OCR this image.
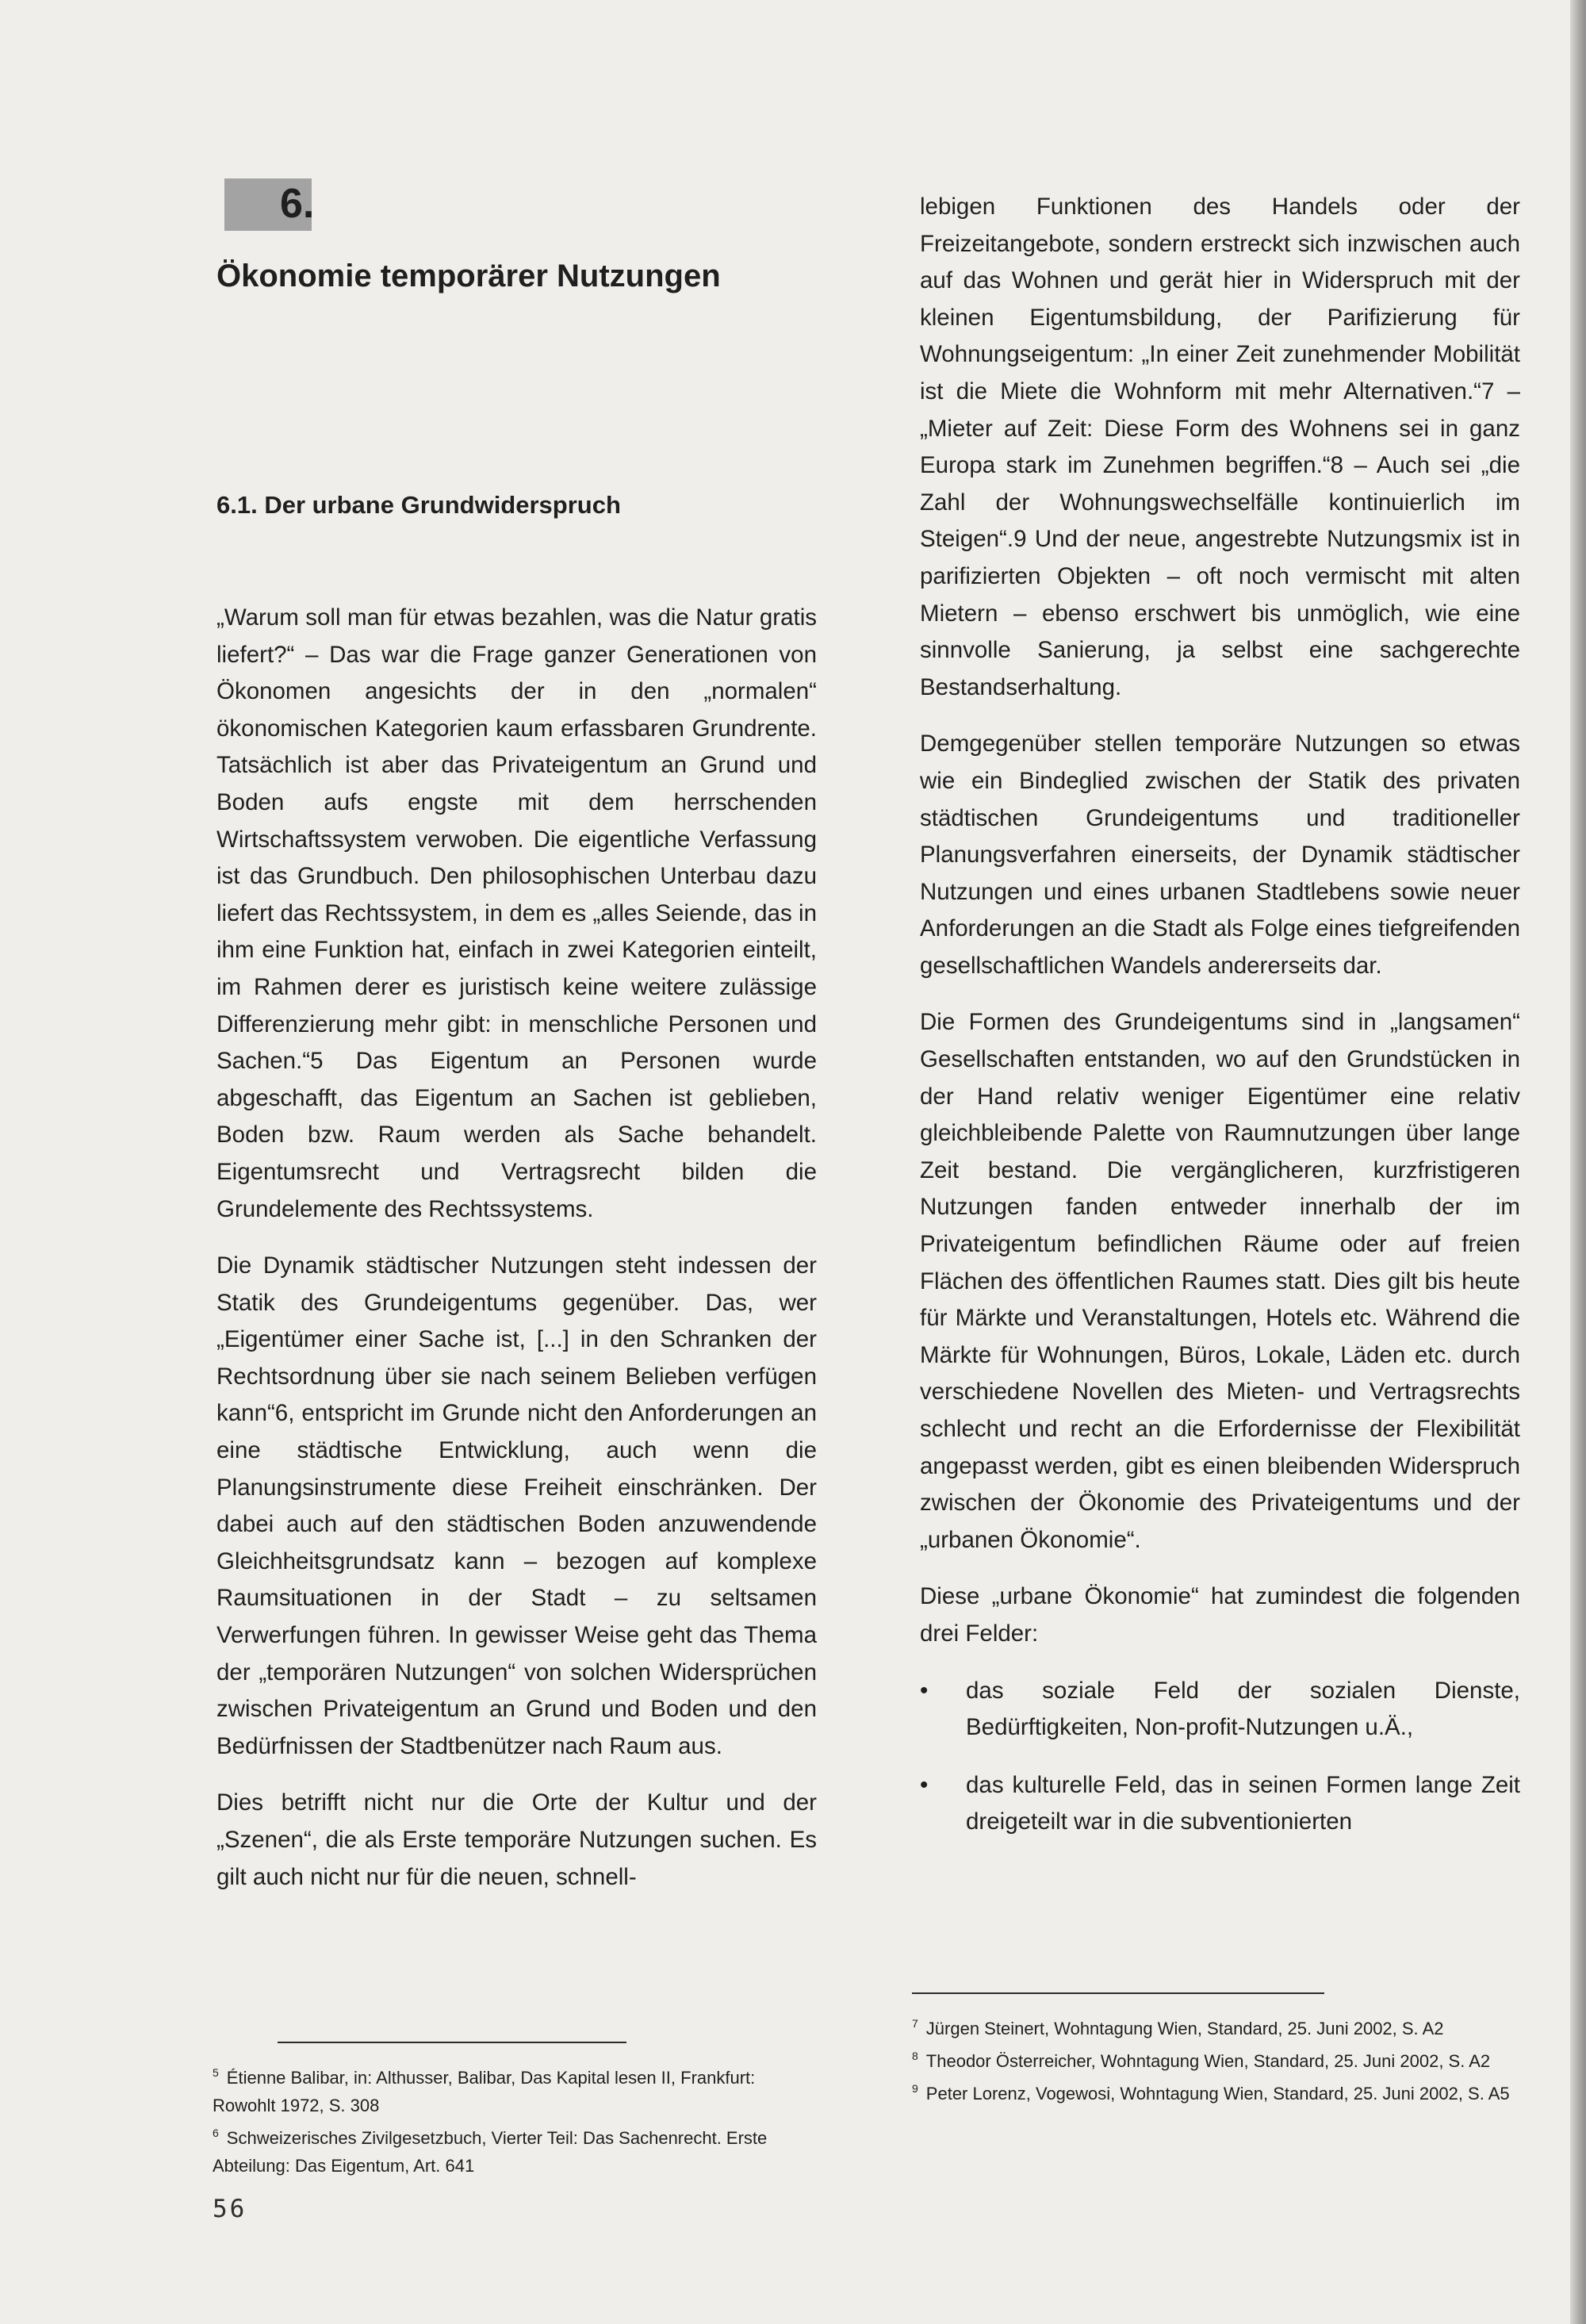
6.
Ökonomie temporärer Nutzungen
6.1. Der urbane Grundwiderspruch

„Warum soll man für etwas bezahlen, was die Natur gratis liefert?“ – Das war die Frage ganzer Generationen von Ökonomen angesichts der in den „normalen“ ökonomischen Kategorien kaum erfassbaren Grundrente. Tatsächlich ist aber das Privateigentum an Grund und Boden aufs engste mit dem herrschenden Wirtschaftssystem verwoben. Die eigentliche Verfassung ist das Grundbuch. Den philosophischen Unterbau dazu liefert das Rechtssystem, in dem es „alles Seiende, das in ihm eine Funktion hat, einfach in zwei Kategorien einteilt, im Rahmen derer es juristisch keine weitere zulässige Differenzierung mehr gibt: in menschliche Personen und Sachen.“5 Das Eigentum an Personen wurde abgeschafft, das Eigentum an Sachen ist geblieben, Boden bzw. Raum werden als Sache behandelt. Eigentumsrecht und Vertragsrecht bilden die Grundelemente des Rechtssystems.

Die Dynamik städtischer Nutzungen steht indessen der Statik des Grundeigentums gegenüber. Das, wer „Eigentümer einer Sache ist, [...] in den Schranken der Rechtsordnung über sie nach seinem Belieben verfügen kann“6, entspricht im Grunde nicht den Anforderungen an eine städtische Entwicklung, auch wenn die Planungsinstrumente diese Freiheit einschränken. Der dabei auch auf den städtischen Boden anzuwendende Gleichheitsgrundsatz kann – bezogen auf komplexe Raumsituationen in der Stadt – zu seltsamen Verwerfungen führen. In gewisser Weise geht das Thema der „temporären Nutzungen“ von solchen Widersprüchen zwischen Privateigentum an Grund und Boden und den Bedürfnissen der Stadtbenützer nach Raum aus.

Dies betrifft nicht nur die Orte der Kultur und der „Szenen“, die als Erste temporäre Nutzungen suchen. Es gilt auch nicht nur für die neuen, schnell-

lebigen Funktionen des Handels oder der Freizeitangebote, sondern erstreckt sich inzwischen auch auf das Wohnen und gerät hier in Widerspruch mit der kleinen Eigentumsbildung, der Parifizierung für Wohnungseigentum: „In einer Zeit zunehmender Mobilität ist die Miete die Wohnform mit mehr Alternativen.“7 – „Mieter auf Zeit: Diese Form des Wohnens sei in ganz Europa stark im Zunehmen begriffen.“8 – Auch sei „die Zahl der Wohnungswechselfälle kontinuierlich im Steigen“.9 Und der neue, angestrebte Nutzungsmix ist in parifizierten Objekten – oft noch vermischt mit alten Mietern – ebenso erschwert bis unmöglich, wie eine sinnvolle Sanierung, ja selbst eine sachgerechte Bestandserhaltung.

Demgegenüber stellen temporäre Nutzungen so etwas wie ein Bindeglied zwischen der Statik des privaten städtischen Grundeigentums und traditioneller Planungsverfahren einerseits, der Dynamik städtischer Nutzungen und eines urbanen Stadtlebens sowie neuer Anforderungen an die Stadt als Folge eines tiefgreifenden gesellschaftlichen Wandels andererseits dar.

Die Formen des Grundeigentums sind in „langsamen“ Gesellschaften entstanden, wo auf den Grundstücken in der Hand relativ weniger Eigentümer eine relativ gleichbleibende Palette von Raumnutzungen über lange Zeit bestand. Die vergänglicheren, kurzfristigeren Nutzungen fanden entweder innerhalb der im Privateigentum befindlichen Räume oder auf freien Flächen des öffentlichen Raumes statt. Dies gilt bis heute für Märkte und Veranstaltungen, Hotels etc. Während die Märkte für Wohnungen, Büros, Lokale, Läden etc. durch verschiedene Novellen des Mieten- und Vertragsrechts schlecht und recht an die Erfordernisse der Flexibilität angepasst werden, gibt es einen bleibenden Widerspruch zwischen der Ökonomie des Privateigentums und der „urbanen Ökonomie“.

Diese „urbane Ökonomie“ hat zumindest die folgenden drei Felder:

• das soziale Feld der sozialen Dienste, Bedürftigkeiten, Non-profit-Nutzungen u.Ä.,
• das kulturelle Feld, das in seinen Formen lange Zeit dreigeteilt war in die subventionierten

$^5$ Étienne Balibar, in: Althusser, Balibar, Das Kapital lesen II, Frankfurt: Rowohlt 1972, S. 308

$^6$ Schweizerisches Zivilgesetzbuch, Vierter Teil: Das Sachenrecht. Erste Abteilung: Das Eigentum, Art. 641

$^7$ Jürgen Steinert, Wohntagung Wien, Standard, 25. Juni 2002, S. A2

$^8$ Theodor Österreicher, Wohntagung Wien, Standard, 25. Juni 2002, S. A2

$^9$ Peter Lorenz, Vogewosi, Wohntagung Wien, Standard, 25. Juni 2002, S. A5

56
